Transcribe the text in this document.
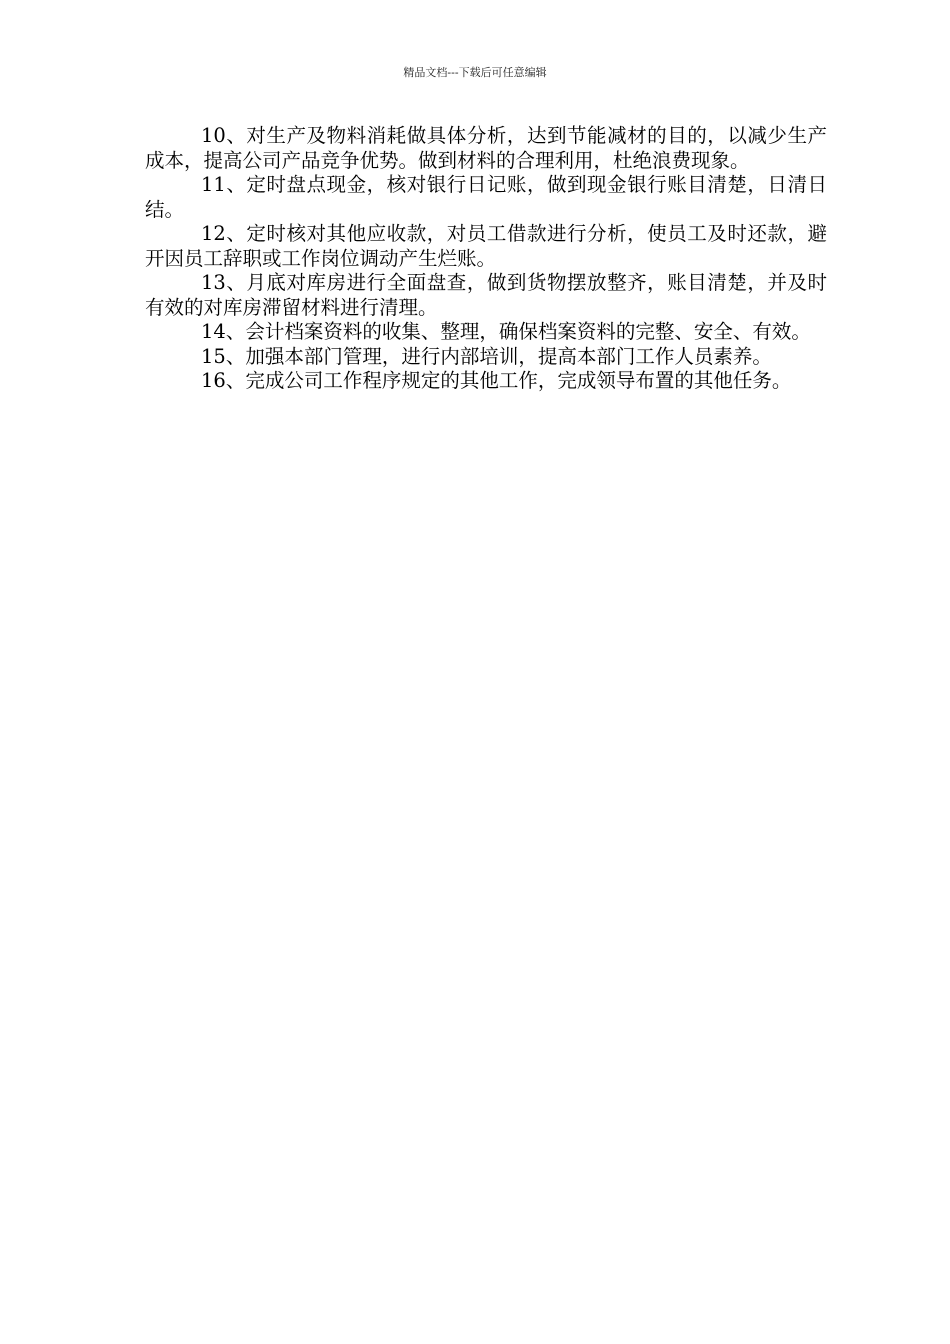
精品文档---下载后可任意编辑

10、对生产及物料消耗做具体分析，达到节能减材的目的，以减少生产成本，提高公司产品竞争优势。做到材料的合理利用，杜绝浪费现象。

11、定时盘点现金，核对银行日记账，做到现金银行账目清楚，日清日结。

12、定时核对其他应收款，对员工借款进行分析，使员工及时还款，避开因员工辞职或工作岗位调动产生烂账。

13、月底对库房进行全面盘查，做到货物摆放整齐，账目清楚，并及时有效的对库房滞留材料进行清理。

14、会计档案资料的收集、整理，确保档案资料的完整、安全、有效。

15、加强本部门管理，进行内部培训，提高本部门工作人员素养。

16、完成公司工作程序规定的其他工作，完成领导布置的其他任务。
